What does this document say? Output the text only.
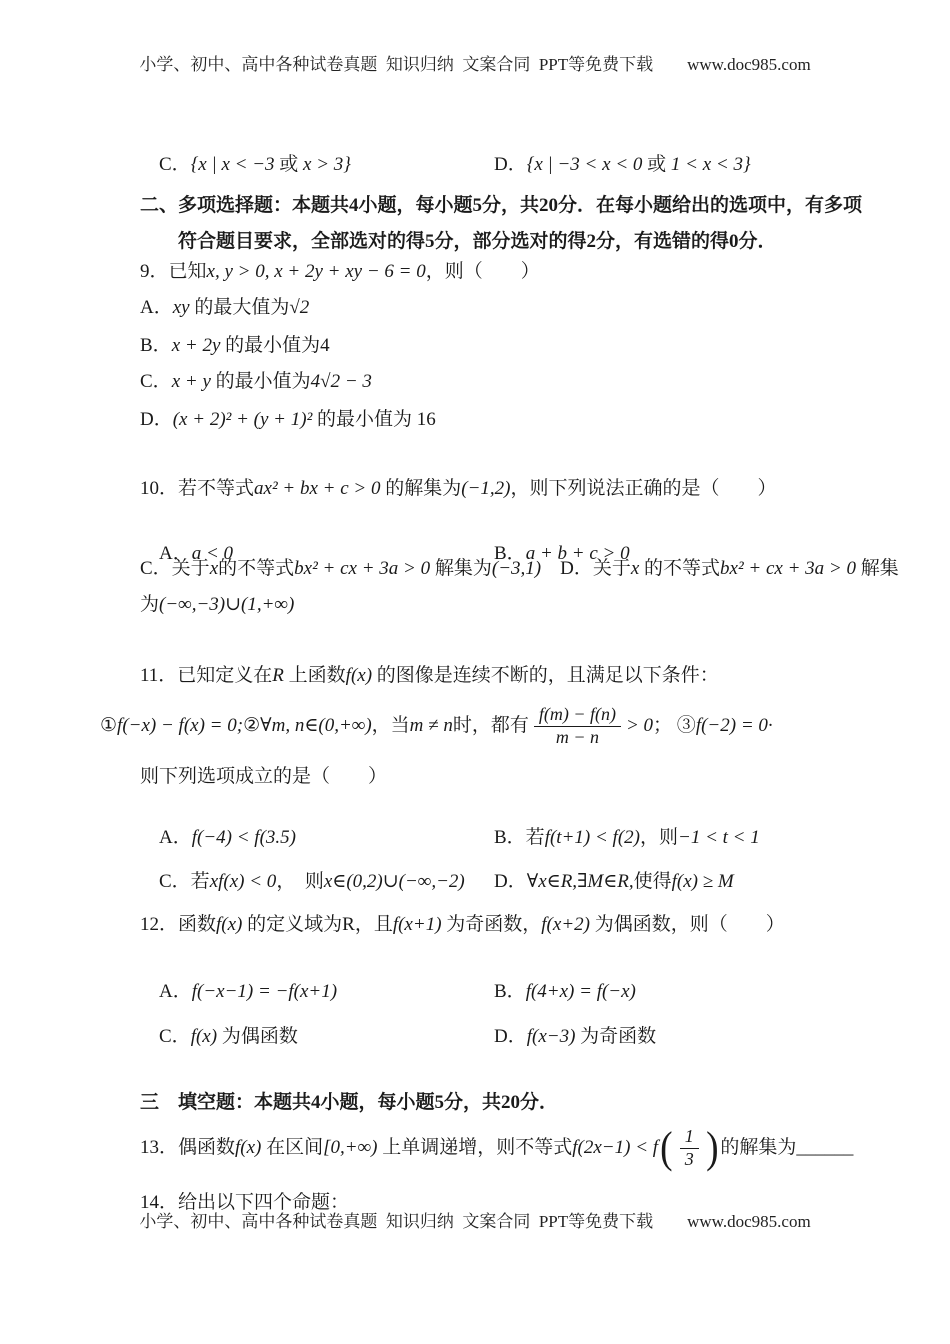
小学、初中、高中各种试卷真题  知识归纳  文案合同  PPT等免费下载 www.doc985.com

C．{x | x < −3 或 x > 3}	D．{x | −3 < x < 0 或 1 < x < 3}

二、多项选择题：本题共4小题，每小题5分，共20分．在每小题给出的选项中，有多项
符合题目要求，全部选对的得5分，部分选对的得2分，有选错的得0分．
9．已知x, y > 0, x + 2y + xy − 6 = 0，则（　　）
A．xy 的最大值为√2
B．x + 2y 的最小值为4
C．x + y 的最小值为4√2 − 3
D．(x + 2)² + (y + 1)² 的最小值为 16
10．若不等式ax² + bx + c > 0 的解集为(−1,2)，则下列说法正确的是（　　）

A．a < 0	B．a + b + c > 0

C．关于x的不等式bx² + cx + 3a > 0 解集为(−3,1)　D．关于x 的不等式bx² + cx + 3a > 0 解集
为(−∞,−3)∪(1,+∞)
11．已知定义在R 上函数f(x) 的图像是连续不断的，且满足以下条件：
① f(−x) − f(x) = 0; ② ∀m, n∈(0,+∞) ，当 m ≠ n 时，都有 $\frac{f(m) - f(n)}{m - n} > 0$ ； ③ f(−2) = 0·
则下列选项成立的是（　　）

A．f(−4) < f(3.5)	B．若f(t+1) < f(2)，则−1 < t < 1

C．若xf(x) < 0，　则x∈(0,2)∪(−∞,−2) D．∀x∈R,∃M∈R,使得f(x) ≥ M

12．函数f(x) 的定义域为R，且f(x+1) 为奇函数，f(x+2) 为偶函数，则（　　）

A．f(−x−1) = −f(x+1)	B．f(4+x) = f(−x)

C．f(x) 为偶函数	D．f(x−3) 为奇函数

三　填空题：本题共4小题，每小题5分，共20分．
13．偶函数 f(x) 在区间 [0,+∞) 上单调递增，则不等式 f(2x−1) < f ( $\frac{1}{3}$ ) 的解集为 ______
14．给出以下四个命题：
小学、初中、高中各种试卷真题  知识归纳  文案合同  PPT等免费下载 www.doc985.com
